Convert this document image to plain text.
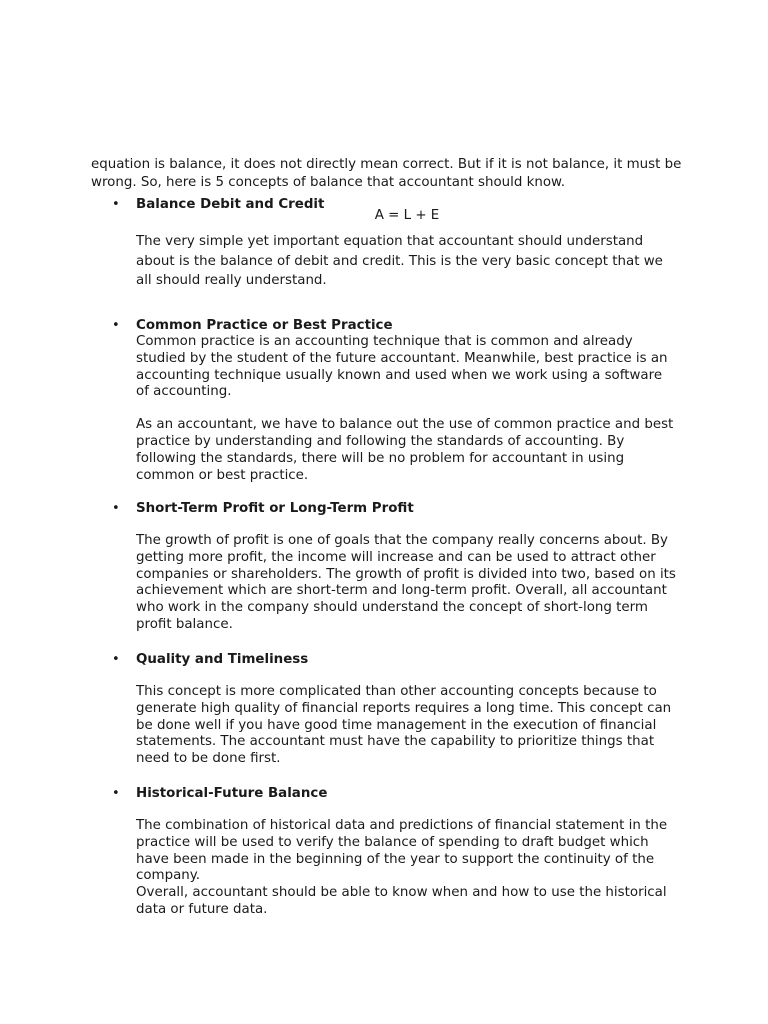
equation is balance, it does not directly mean correct. But if it is not balance, it must be wrong. So, here is 5 concepts of balance that accountant should know.

• Balance Debit and Credit

A = L + E

The very simple yet important equation that accountant should understand about is the balance of debit and credit. This is the very basic concept that we all should really understand.

• Common Practice or Best Practice

Common practice is an accounting technique that is common and already studied by the student of the future accountant. Meanwhile, best practice is an accounting technique usually known and used when we work using a software of accounting.

As an accountant, we have to balance out the use of common practice and best practice by understanding and following the standards of accounting. By following the standards, there will be no problem for accountant in using common or best practice.

• Short-Term Profit or Long-Term Profit

The growth of profit is one of goals that the company really concerns about. By getting more profit, the income will increase and can be used to attract other companies or shareholders. The growth of profit is divided into two, based on its achievement which are short-term and long-term profit. Overall, all accountant who work in the company should understand the concept of short-long term profit balance.

• Quality and Timeliness

This concept is more complicated than other accounting concepts because to generate high quality of financial reports requires a long time. This concept can be done well if you have good time management in the execution of financial statements. The accountant must have the capability to prioritize things that need to be done first.

• Historical-Future Balance

The combination of historical data and predictions of financial statement in the practice will be used to verify the balance of spending to draft budget which have been made in the beginning of the year to support the continuity of the company.

Overall, accountant should be able to know when and how to use the historical data or future data.
